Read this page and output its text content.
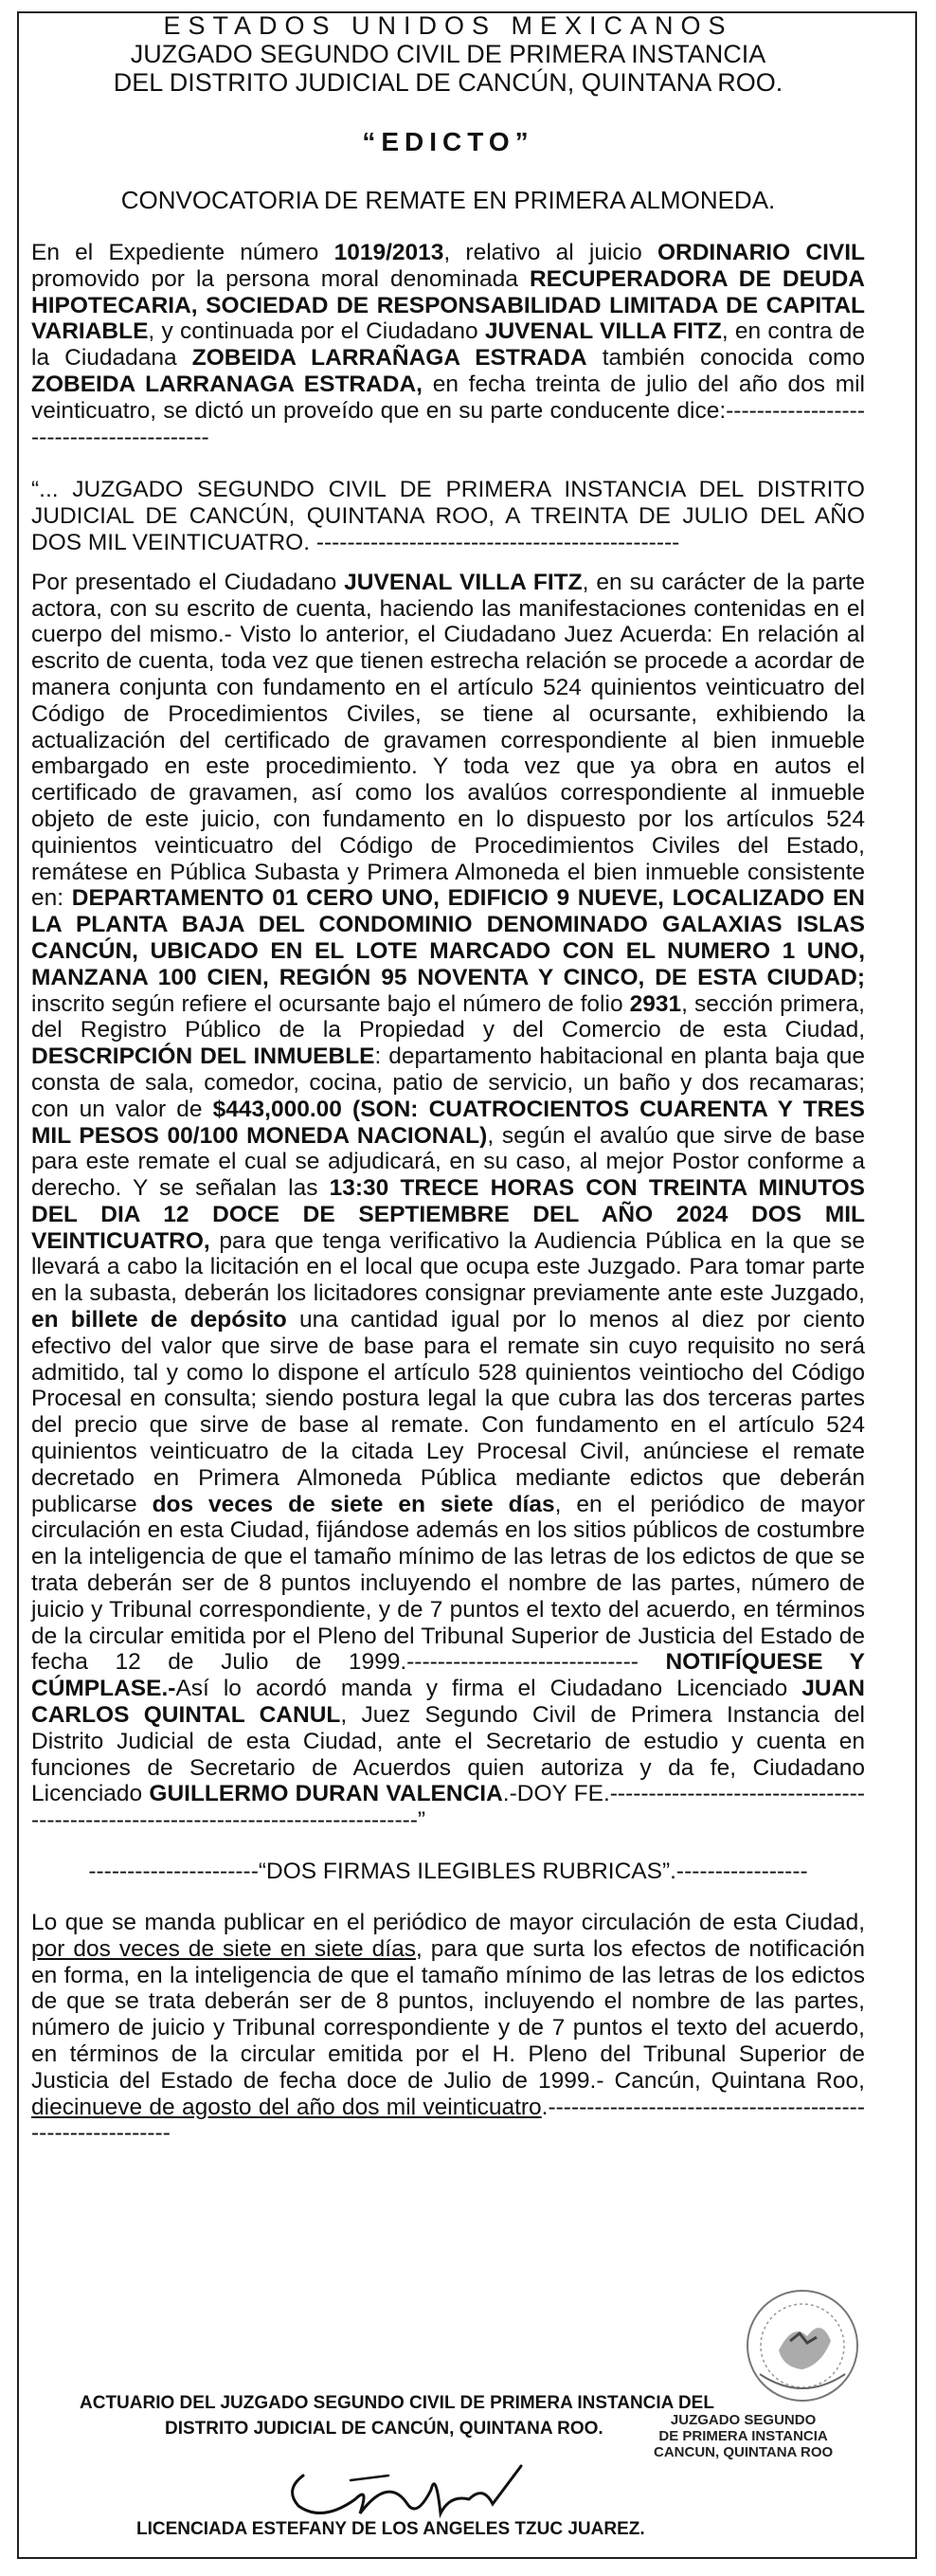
ESTADOS UNIDOS MEXICANOS

JUZGADO SEGUNDO CIVIL DE PRIMERA INSTANCIA

DEL DISTRITO JUDICIAL DE CANCÚN, QUINTANA ROO.

“EDICTO”
CONVOCATORIA DE REMATE EN PRIMERA ALMONEDA.

En el Expediente número 1019/2013, relativo al juicio ORDINARIO CIVIL promovido por la persona moral denominada RECUPERADORA DE DEUDA HIPOTECARIA, SOCIEDAD DE RESPONSABILIDAD LIMITADA DE CAPITAL VARIABLE, y continuada por el Ciudadano JUVENAL VILLA FITZ, en contra de la Ciudadana ZOBEIDA LARRAÑAGA ESTRADA también conocida como ZOBEIDA LARRANAGA ESTRADA, en fecha treinta de julio del año dos mil veinticuatro, se dictó un proveído que en su parte conducente dice:-----------------------------------------

“... JUZGADO SEGUNDO CIVIL DE PRIMERA INSTANCIA DEL DISTRITO JUDICIAL DE CANCÚN, QUINTANA ROO, A TREINTA DE JULIO DEL AÑO DOS MIL VEINTICUATRO. -----------------------------------------------

Por presentado el Ciudadano JUVENAL VILLA FITZ, en su carácter de la parte actora, con su escrito de cuenta, haciendo las manifestaciones contenidas en el cuerpo del mismo.- Visto lo anterior, el Ciudadano Juez Acuerda: En relación al escrito de cuenta, toda vez que tienen estrecha relación se procede a acordar de manera conjunta con fundamento en el artículo 524 quinientos veinticuatro del Código de Procedimientos Civiles, se tiene al ocursante, exhibiendo la actualización del certificado de gravamen correspondiente al bien inmueble embargado en este procedimiento. Y toda vez que ya obra en autos el certificado de gravamen, así como los avalúos correspondiente al inmueble objeto de este juicio, con fundamento en lo dispuesto por los artículos 524 quinientos veinticuatro del Código de Procedimientos Civiles del Estado, remátese en Pública Subasta y Primera Almoneda el bien inmueble consistente en: DEPARTAMENTO 01 CERO UNO, EDIFICIO 9 NUEVE, LOCALIZADO EN LA PLANTA BAJA DEL CONDOMINIO DENOMINADO GALAXIAS ISLAS CANCÚN, UBICADO EN EL LOTE MARCADO CON EL NUMERO 1 UNO, MANZANA 100 CIEN, REGIÓN 95 NOVENTA Y CINCO, DE ESTA CIUDAD; inscrito según refiere el ocursante bajo el número de folio 2931, sección primera, del Registro Público de la Propiedad y del Comercio de esta Ciudad, DESCRIPCIÓN DEL INMUEBLE: departamento habitacional en planta baja que consta de sala, comedor, cocina, patio de servicio, un baño y dos recamaras; con un valor de $443,000.00 (SON: CUATROCIENTOS CUARENTA Y TRES MIL PESOS 00/100 MONEDA NACIONAL), según el avalúo que sirve de base para este remate el cual se adjudicará, en su caso, al mejor Postor conforme a derecho. Y se señalan las 13:30 TRECE HORAS CON TREINTA MINUTOS DEL DIA 12 DOCE DE SEPTIEMBRE DEL AÑO 2024 DOS MIL VEINTICUATRO, para que tenga verificativo la Audiencia Pública en la que se llevará a cabo la licitación en el local que ocupa este Juzgado. Para tomar parte en la subasta, deberán los licitadores consignar previamente ante este Juzgado, en billete de depósito una cantidad igual por lo menos al diez por ciento efectivo del valor que sirve de base para el remate sin cuyo requisito no será admitido, tal y como lo dispone el artículo 528 quinientos veintiocho del Código Procesal en consulta; siendo postura legal la que cubra las dos terceras partes del precio que sirve de base al remate. Con fundamento en el artículo 524 quinientos veinticuatro de la citada Ley Procesal Civil, anúnciese el remate decretado en Primera Almoneda Pública mediante edictos que deberán publicarse dos veces de siete en siete días, en el periódico de mayor circulación en esta Ciudad, fijándose además en los sitios públicos de costumbre en la inteligencia de que el tamaño mínimo de las letras de los edictos de que se trata deberán ser de 8 puntos incluyendo el nombre de las partes, número de juicio y Tribunal correspondiente, y de 7 puntos el texto del acuerdo, en términos de la circular emitida por el Pleno del Tribunal Superior de Justicia del Estado de fecha 12 de Julio de 1999.------------------------------ NOTIFÍQUESE Y CÚMPLASE.-Así lo acordó manda y firma el Ciudadano Licenciado JUAN CARLOS QUINTAL CANUL, Juez Segundo Civil de Primera Instancia del Distrito Judicial de esta Ciudad, ante el Secretario de estudio y cuenta en funciones de Secretario de Acuerdos quien autoriza y da fe, Ciudadano Licenciado GUILLERMO DURAN VALENCIA.-DOY FE.-----------------------------------------------------------------------------------”

----------------------“DOS FIRMAS ILEGIBLES RUBRICAS”.-----------------

Lo que se manda publicar en el periódico de mayor circulación de esta Ciudad, por dos veces de siete en siete días, para que surta los efectos de notificación en forma, en la inteligencia de que el tamaño mínimo de las letras de los edictos de que se trata deberán ser de 8 puntos, incluyendo el nombre de las partes, número de juicio y Tribunal correspondiente y de 7 puntos el texto del acuerdo, en términos de la circular emitida por el H. Pleno del Tribunal Superior de Justicia del Estado de fecha doce de Julio de 1999.- Cancún, Quintana Roo, diecinueve de agosto del año dos mil veinticuatro.-----------------------------------------------------------

ACTUARIO DEL JUZGADO SEGUNDO CIVIL DE PRIMERA INSTANCIA DEL
DISTRITO JUDICIAL DE CANCÚN, QUINTANA ROO.	JUZGADO SEGUNDO
DE PRIMERA INSTANCIA
CANCUN, QUINTANA ROO
LICENCIADA ESTEFANY DE LOS ANGELES TZUC JUAREZ.
